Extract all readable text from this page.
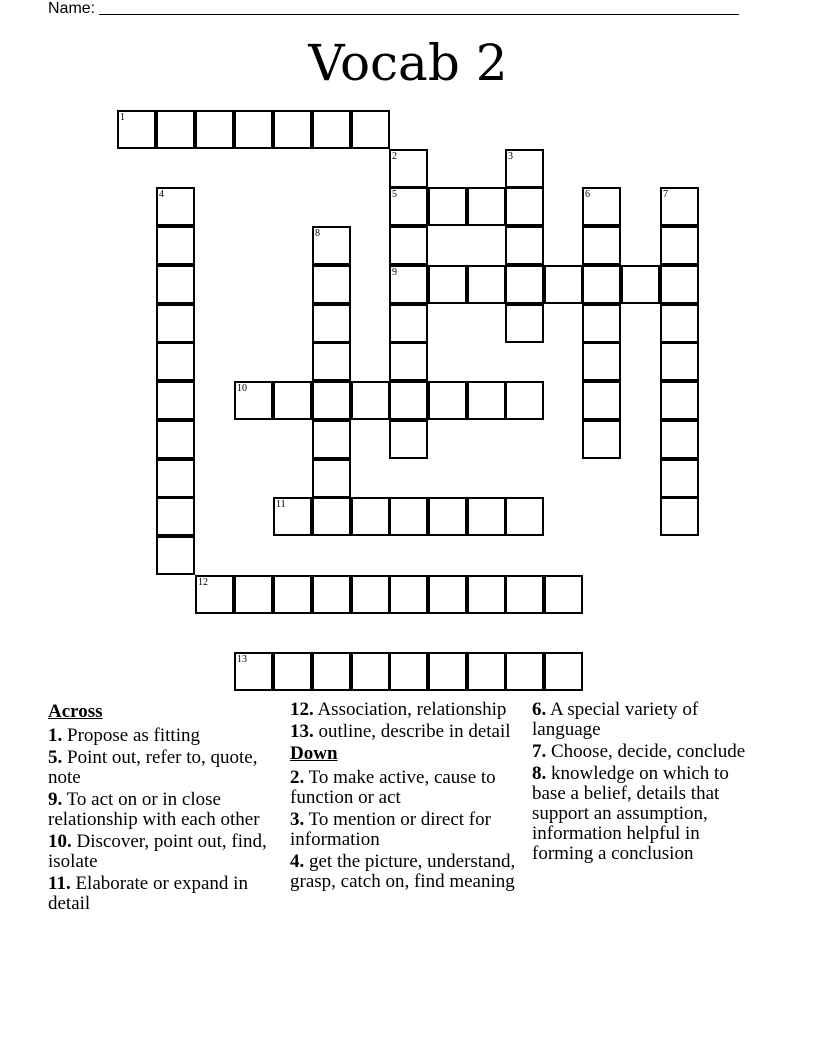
Name:
Vocab 2
1
2	3
4	5	6	7
8
9
10
11
12
13
Across
1. Propose as fitting
5. Point out, refer to, quote, note
9. To act on or in close relationship with each other
10. Discover, point out, find, isolate
11. Elaborate or expand in detail
12. Association, relationship
13. outline, describe in detail
Down
2. To make active, cause to function or act
3. To mention or direct for information
4. get the picture, understand, grasp, catch on, find meaning
6. A special variety of language
7. Choose, decide, conclude
8. knowledge on which to base a belief, details that support an assumption, information helpful in forming a conclusion
